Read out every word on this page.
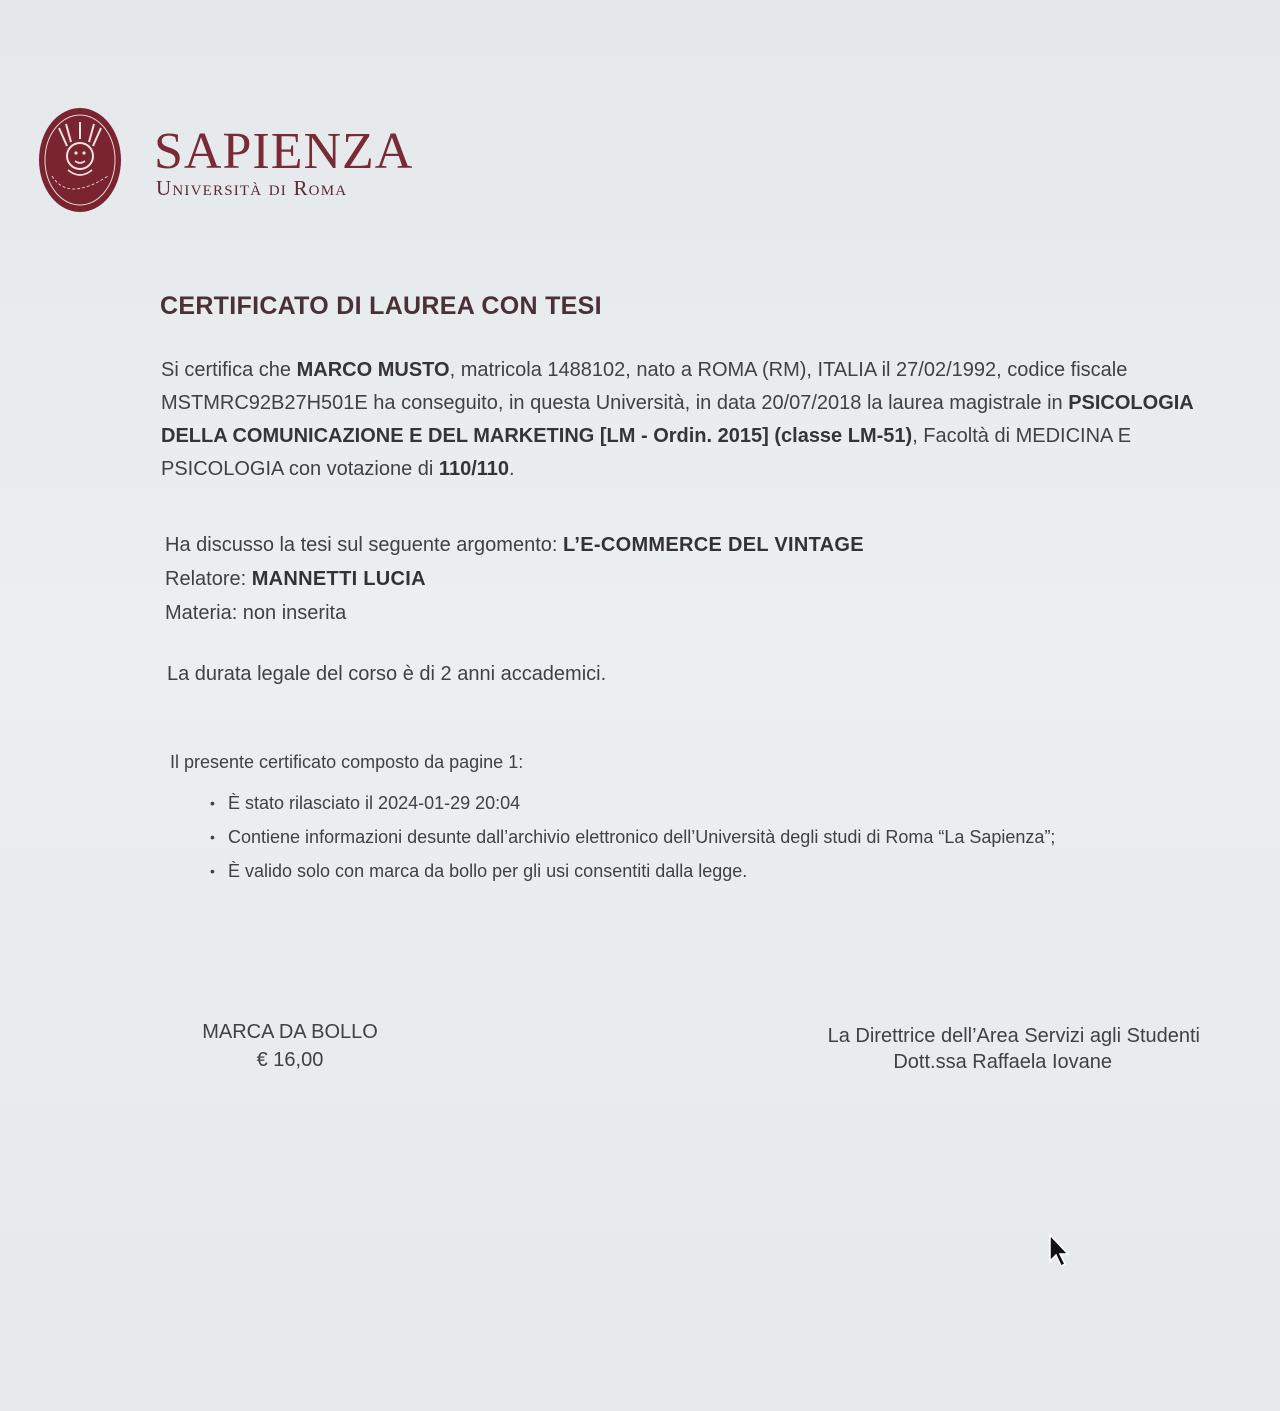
SAPIENZA
Università di Roma
CERTIFICATO DI LAUREA CON TESI
Si certifica che MARCO MUSTO, matricola 1488102, nato a ROMA (RM), ITALIA il 27/02/1992, codice fiscale MSTMRC92B27H501E ha conseguito, in questa Università, in data 20/07/2018 la laurea magistrale in PSICOLOGIA DELLA COMUNICAZIONE E DEL MARKETING [LM - Ordin. 2015] (classe LM-51), Facoltà di MEDICINA E PSICOLOGIA con votazione di 110/110.
Ha discusso la tesi sul seguente argomento: L’E-COMMERCE DEL VINTAGE
Relatore: MANNETTI LUCIA
Materia: non inserita
La durata legale del corso è di 2 anni accademici.
Il presente certificato composto da pagine 1:
• È stato rilasciato il 2024-01-29 20:04
• Contiene informazioni desunte dall’archivio elettronico dell’Università degli studi di Roma “La Sapienza”;
• È valido solo con marca da bollo per gli usi consentiti dalla legge.
MARCA DA BOLLO
€ 16,00
La Direttrice dell’Area Servizi agli Studenti
Dott.ssa Raffaela Iovane
